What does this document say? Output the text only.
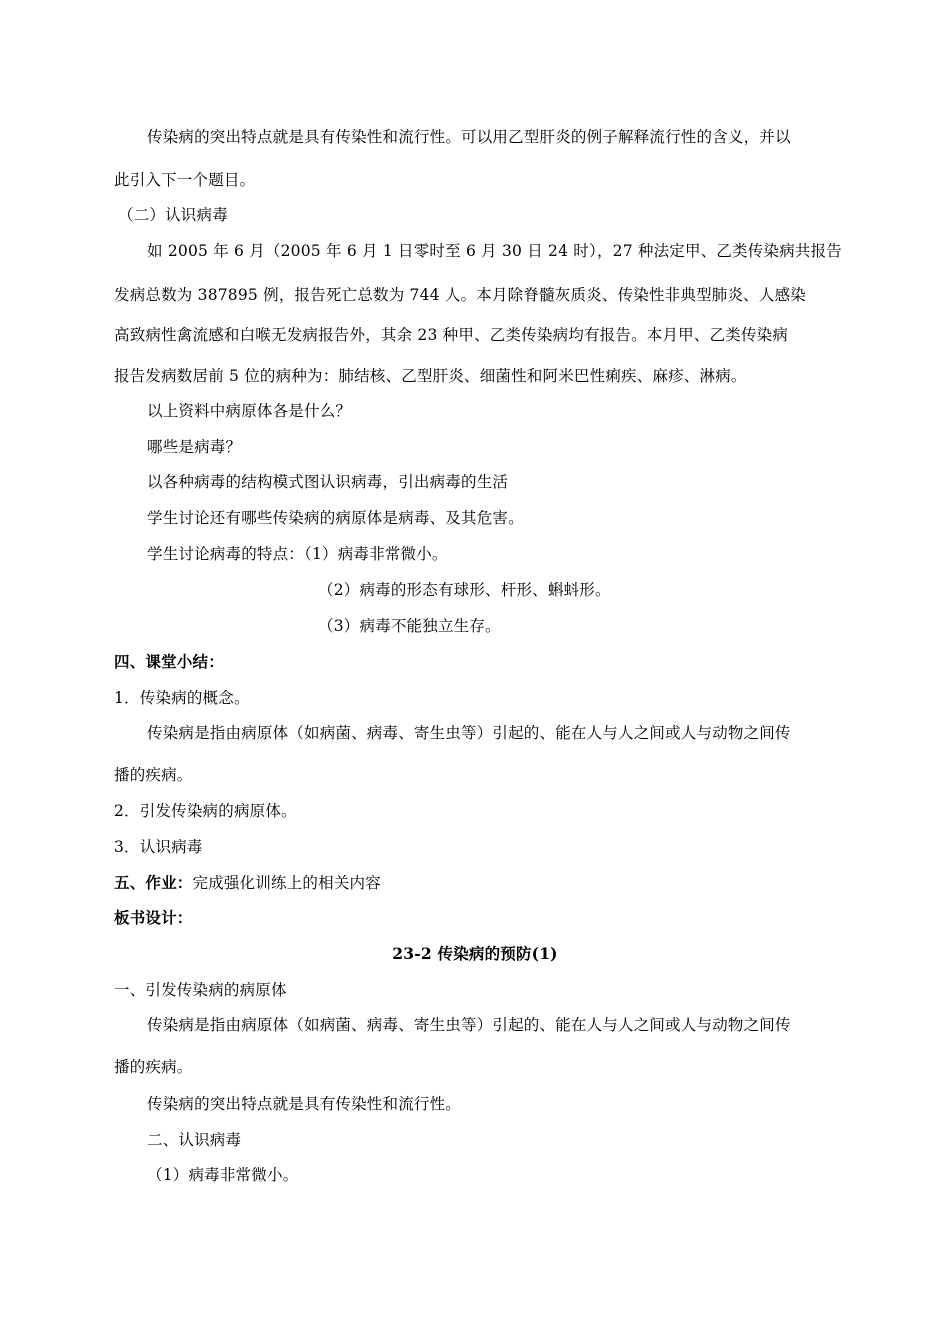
传染病的突出特点就是具有传染性和流行性。可以用乙型肝炎的例子解释流行性的含义，并以
此引入下一个题目。
（二）认识病毒
如 2005 年 6 月（2005 年 6 月 1 日零时至 6 月 30 日 24 时），27 种法定甲、乙类传染病共报告
发病总数为 387895 例，报告死亡总数为 744 人。本月除脊髓灰质炎、传染性非典型肺炎、人感染
高致病性禽流感和白喉无发病报告外，其余 23 种甲、乙类传染病均有报告。本月甲、乙类传染病
报告发病数居前 5 位的病种为：肺结核、乙型肝炎、细菌性和阿米巴性痢疾、麻疹、淋病。
以上资料中病原体各是什么？
哪些是病毒？
以各种病毒的结构模式图认识病毒，引出病毒的生活
学生讨论还有哪些传染病的病原体是病毒、及其危害。
学生讨论病毒的特点：（1）病毒非常微小。
（2）病毒的形态有球形、杆形、蝌蚪形。
（3）病毒不能独立生存。
四、课堂小结：
1．传染病的概念。
传染病是指由病原体（如病菌、病毒、寄生虫等）引起的、能在人与人之间或人与动物之间传
播的疾病。
2．引发传染病的病原体。
3．认识病毒
五、作业：完成强化训练上的相关内容
板书设计：
23-2 传染病的预防(1)
一、引发传染病的病原体
传染病是指由病原体（如病菌、病毒、寄生虫等）引起的、能在人与人之间或人与动物之间传
播的疾病。
传染病的突出特点就是具有传染性和流行性。
二、认识病毒
（1）病毒非常微小。
